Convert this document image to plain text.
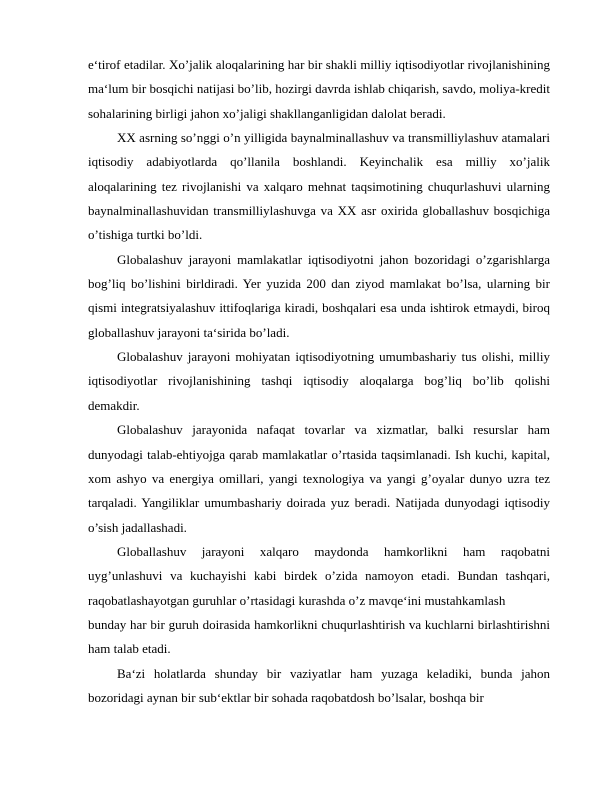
e‘tirof etadilar. Xo’jalik aloqalarining har bir shakli milliy iqtisodiyotlar rivojlanishining ma‘lum bir bosqichi natijasi bo’lib, hozirgi davrda ishlab chiqarish, savdo, moliya-kredit sohalarining birligi jahon xo’jaligi shakllanganligidan dalolat beradi.

XX asrning so’nggi o’n yilligida baynalminallashuv va transmilliylashuv atamalari iqtisodiy adabiyotlarda qo’llanila boshlandi. Keyinchalik esa milliy xo’jalik aloqalarining tez rivojlanishi va xalqaro mehnat taqsimotining chuqurlashuvi ularning baynalminallashuvidan transmilliylashuvga va XX asr oxirida globallashuv bosqichiga o’tishiga turtki bo’ldi.

Globalashuv jarayoni mamlakatlar iqtisodiyotni jahon bozoridagi o’zgarishlarga bog’liq bo’lishini birldiradi. Yer yuzida 200 dan ziyod mamlakat bo’lsa, ularning bir qismi integratsiyalashuv ittifoqlariga kiradi, boshqalari esa unda ishtirok etmaydi, biroq globallashuv jarayoni ta‘sirida bo’ladi.

Globalashuv jarayoni mohiyatan iqtisodiyotning umumbashariy tus olishi, milliy iqtisodiyotlar rivojlanishining tashqi iqtisodiy aloqalarga bog’liq bo’lib qolishi demakdir.

Globalashuv jarayonida nafaqat tovarlar va xizmatlar, balki resurslar ham dunyodagi talab-ehtiyojga qarab mamlakatlar o’rtasida taqsimlanadi. Ish kuchi, kapital, xom ashyo va energiya omillari, yangi texnologiya va yangi g’oyalar dunyo uzra tez tarqaladi. Yangiliklar umumbashariy doirada yuz beradi. Natijada dunyodagi iqtisodiy o’sish jadallashadi.

Globallashuv jarayoni xalqaro maydonda hamkorlikni ham raqobatni uyg’unlashuvi va kuchayishi kabi birdek o’zida namoyon etadi. Bundan tashqari, raqobatlashayotgan guruhlar o’rtasidagi kurashda o’z mavqe‘ini mustahkamlash

bunday har bir guruh doirasida hamkorlikni chuqurlashtirish va kuchlarni birlashtirishni ham talab etadi.

Ba‘zi holatlarda shunday bir vaziyatlar ham yuzaga keladiki, bunda jahon bozoridagi aynan bir sub‘ektlar bir sohada raqobatdosh bo’lsalar, boshqa bir
